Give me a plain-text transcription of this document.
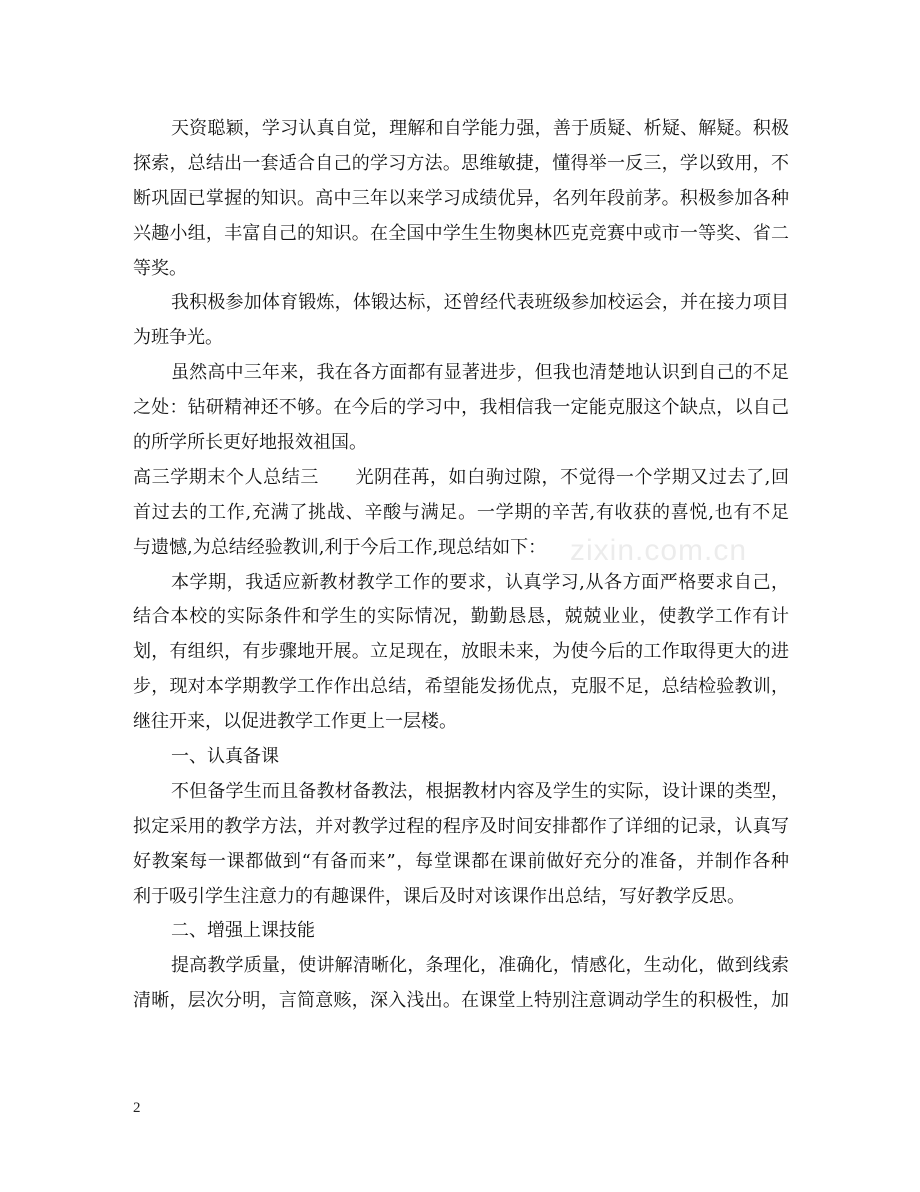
天资聪颖，学习认真自觉，理解和自学能力强，善于质疑、析疑、解疑。积极
探索，总结出一套适合自己的学习方法。思维敏捷，懂得举一反三，学以致用，不
断巩固已掌握的知识。高中三年以来学习成绩优异，名列年段前茅。积极参加各种
兴趣小组，丰富自己的知识。在全国中学生生物奥林匹克竞赛中或市一等奖、省二
等奖。
我积极参加体育锻炼，体锻达标，还曾经代表班级参加校运会，并在接力项目
为班争光。
虽然高中三年来，我在各方面都有显著进步，但我也清楚地认识到自己的不足
之处：钻研精神还不够。在今后的学习中，我相信我一定能克服这个缺点，以自己
的所学所长更好地报效祖国。
高三学期末个人总结三 光阴荏苒，如白驹过隙，不觉得一个学期又过去了,回
首过去的工作,充满了挑战、辛酸与满足。一学期的辛苦,有收获的喜悦,也有不足
与遗憾,为总结经验教训,利于今后工作,现总结如下：
本学期，我适应新教材教学工作的要求，认真学习,从各方面严格要求自己，
结合本校的实际条件和学生的实际情况，勤勤恳恳，兢兢业业，使教学工作有计
划，有组织，有步骤地开展。立足现在，放眼未来，为使今后的工作取得更大的进
步，现对本学期教学工作作出总结，希望能发扬优点，克服不足，总结检验教训，
继往开来，以促进教学工作更上一层楼。
一、认真备课
不但备学生而且备教材备教法，根据教材内容及学生的实际，设计课的类型，
拟定采用的教学方法，并对教学过程的程序及时间安排都作了详细的记录，认真写
好教案每一课都做到“有备而来”，每堂课都在课前做好充分的准备，并制作各种
利于吸引学生注意力的有趣课件，课后及时对该课作出总结，写好教学反思。
二、增强上课技能
提高教学质量，使讲解清晰化，条理化，准确化，情感化，生动化，做到线索
清晰，层次分明，言简意赅，深入浅出。在课堂上特别注意调动学生的积极性，加
zixin.com.cn
2
